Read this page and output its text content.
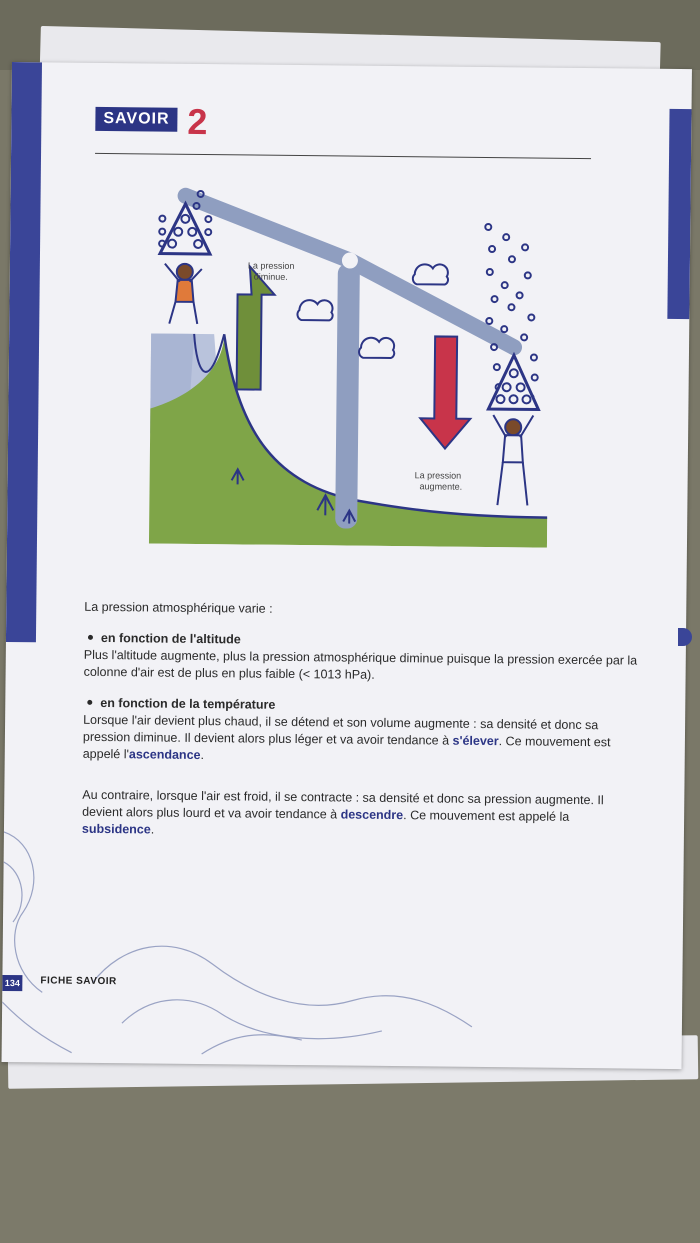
SAVOIR 2
La pression
diminue.
La pression
augmente.

La pression atmosphérique varie :

en fonction de l'altitude

Plus l'altitude augmente, plus la pression atmosphérique diminue puisque la pression exercée par la colonne d'air est de plus en plus faible (< 1013 hPa).

en fonction de la température

Lorsque l'air devient plus chaud, il se détend et son volume augmente : sa densité et donc sa pression diminue. Il devient alors plus léger et va avoir tendance à s'élever. Ce mouvement est appelé l'ascendance.

Au contraire, lorsque l'air est froid, il se contracte : sa densité et donc sa pression augmente. Il devient alors plus lourd et va avoir tendance à descendre. Ce mouvement est appelé la subsidence.

134 FICHE SAVOIR
